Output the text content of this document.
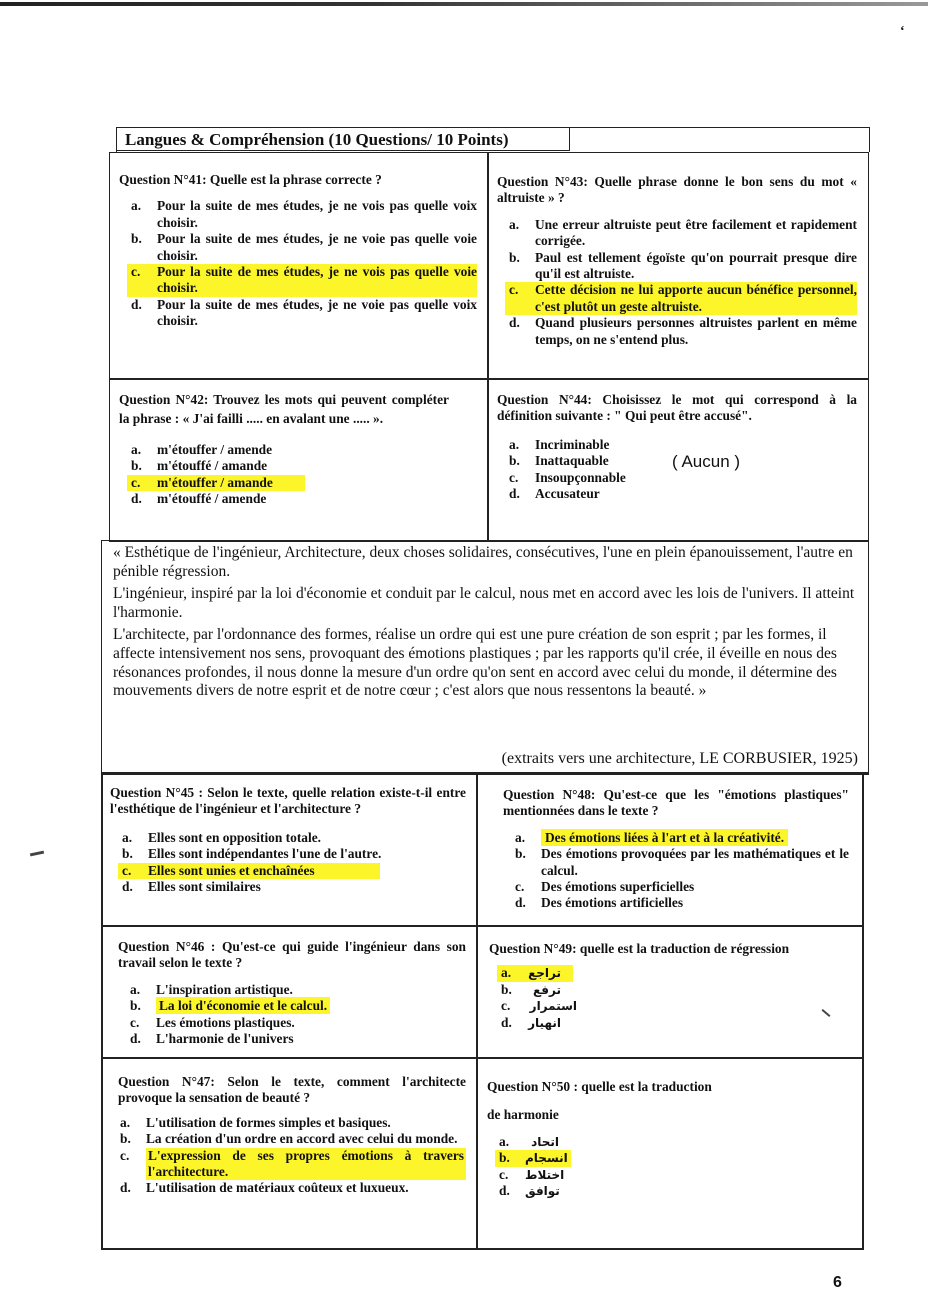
‘
Langues & Compréhension (10 Questions/ 10 Points)
Question N°41: Quelle est la phrase correcte ?
a.	Pour la suite de mes études, je ne vois pas quelle voix choisir.
b.	Pour la suite de mes études, je ne voie pas quelle voie choisir.
c.	Pour la suite de mes études, je ne vois pas quelle voie choisir.
d.	Pour la suite de mes études, je ne voie pas quelle voix choisir.
Question N°43: Quelle phrase donne le bon sens du mot « altruiste » ?
a.	Une erreur altruiste peut être facilement et rapidement corrigée.
b.	Paul est tellement égoïste qu'on pourrait presque dire qu'il est altruiste.
c.	Cette décision ne lui apporte aucun bénéfice personnel, c'est plutôt un geste altruiste.
d.	Quand plusieurs personnes altruistes parlent en même temps, on ne s'entend plus.
Question N°42: Trouvez les mots qui peuvent compléter la phrase : « J'ai failli ..... en avalant une ..... ».
a.	m'étouffer / amende
b.	m'étouffé / amande
c.	m'étouffer / amande
d.	m'étouffé / amende
Question N°44: Choisissez le mot qui correspond à la définition suivante : " Qui peut être accusé".
a.	Incriminable
b.	Inattaquable
c.	Insoupçonnable
d.	Accusateur
( Aucun )

« Esthétique de l'ingénieur, Architecture, deux choses solidaires, consécutives, l'une en plein épanouissement, l'autre en pénible régression.

L'ingénieur, inspiré par la loi d'économie et conduit par le calcul, nous met en accord avec les lois de l'univers. Il atteint l'harmonie.

L'architecte, par l'ordonnance des formes, réalise un ordre qui est une pure création de son esprit ; par les formes, il affecte intensivement nos sens, provoquant des émotions plastiques ; par les rapports qu'il crée, il éveille en nous des résonances profondes, il nous donne la mesure d'un ordre qu'on sent en accord avec celui du monde, il détermine des mouvements divers de notre esprit et de notre cœur ; c'est alors que nous ressentons la beauté. »

(extraits vers une architecture, LE CORBUSIER, 1925)
Question N°45 : Selon le texte, quelle relation existe-t-il entre l'esthétique de l'ingénieur et l'architecture ?
a.	Elles sont en opposition totale.
b.	Elles sont indépendantes l'une de l'autre.
c.	Elles sont unies et enchaînées
d.	Elles sont similaires
Question N°48: Qu'est-ce que les "émotions plastiques" mentionnées dans le texte ?
a.	Des émotions liées à l'art et à la créativité.
b.	Des émotions provoquées par les mathématiques et le calcul.
c.	Des émotions superficielles
d.	Des émotions artificielles
Question N°46 : Qu'est-ce qui guide l'ingénieur dans son travail selon le texte ?
a.	L'inspiration artistique.
b.	La loi d'économie et le calcul.
c.	Les émotions plastiques.
d.	L'harmonie de l'univers
Question N°49: quelle est la traduction de régression
a.	تراجع
b.	ترفع
c.	استمرار
d.	انهيار
Question N°47: Selon le texte, comment l'architecte provoque la sensation de beauté ?
a.	L'utilisation de formes simples et basiques.
b.	La création d'un ordre en accord avec celui du monde.
c.	L'expression de ses propres émotions à travers l'architecture.
d.	L'utilisation de matériaux coûteux et luxueux.
Question N°50 : quelle est la traduction
de harmonie
a.	اتحاد
b.	انسجام
c.	اختلاط
d.	توافق
6
